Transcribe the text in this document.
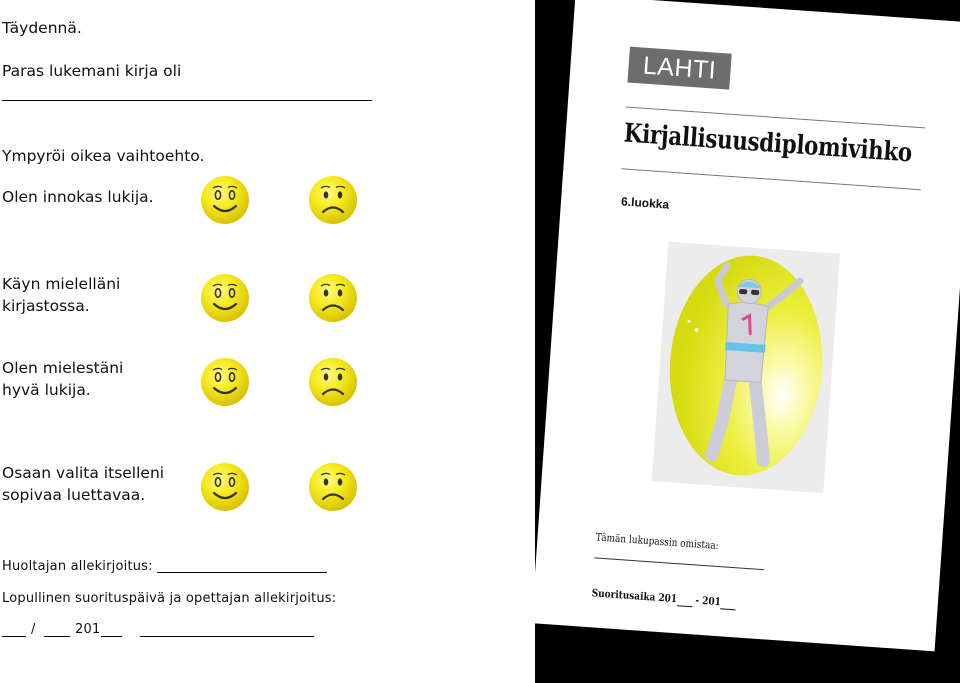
Täydennä.
Paras lukemani kirja oli
Ympyröi oikea vaihtoehto.
Olen innokas lukija.
Käyn mielelläni
kirjastossa.
Olen mielestäni
hyvä lukija.
Osaan valita itselleni
sopivaa luettavaa.
Huoltajan allekirjoitus:
Lopullinen suorituspäivä ja opettajan allekirjoitus:
/	201
LAHTI
Kirjallisuusdiplomivihko
6.luokka
Tämän lukupassin omistaa:
Suoritusaika 201  - 201
